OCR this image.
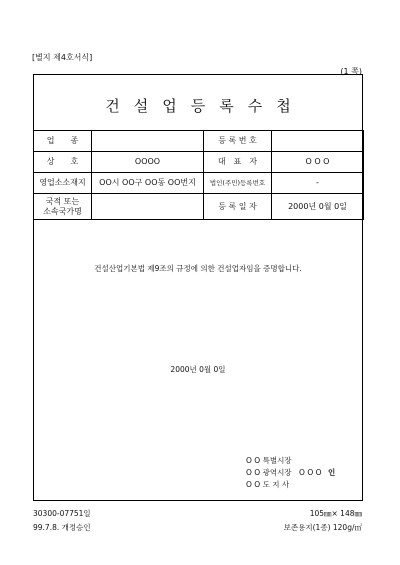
[별지 제4호서식]
(1 쪽)
건설업등록수첩
업　　종		등 록 번 호	
상　　호	OOOO	대　표　자	O O O
영업소소재지	OO시 OO구 OO동 OO번지	법인(주민)등록번호	-

국적 또는
소속국가명		등 록 일 자	2000년 0월 0일
건설산업기본법 제9조의 규정에 의한 건설업자임을 증명합니다.
2000년 0월 0일
O O 특별시장
O O 광역시장　O O O 인
O O 도 지 사
30300-07751일
99.7.8. 개정승인
105㎜× 148㎜
보존용지(1종) 120g/㎡
